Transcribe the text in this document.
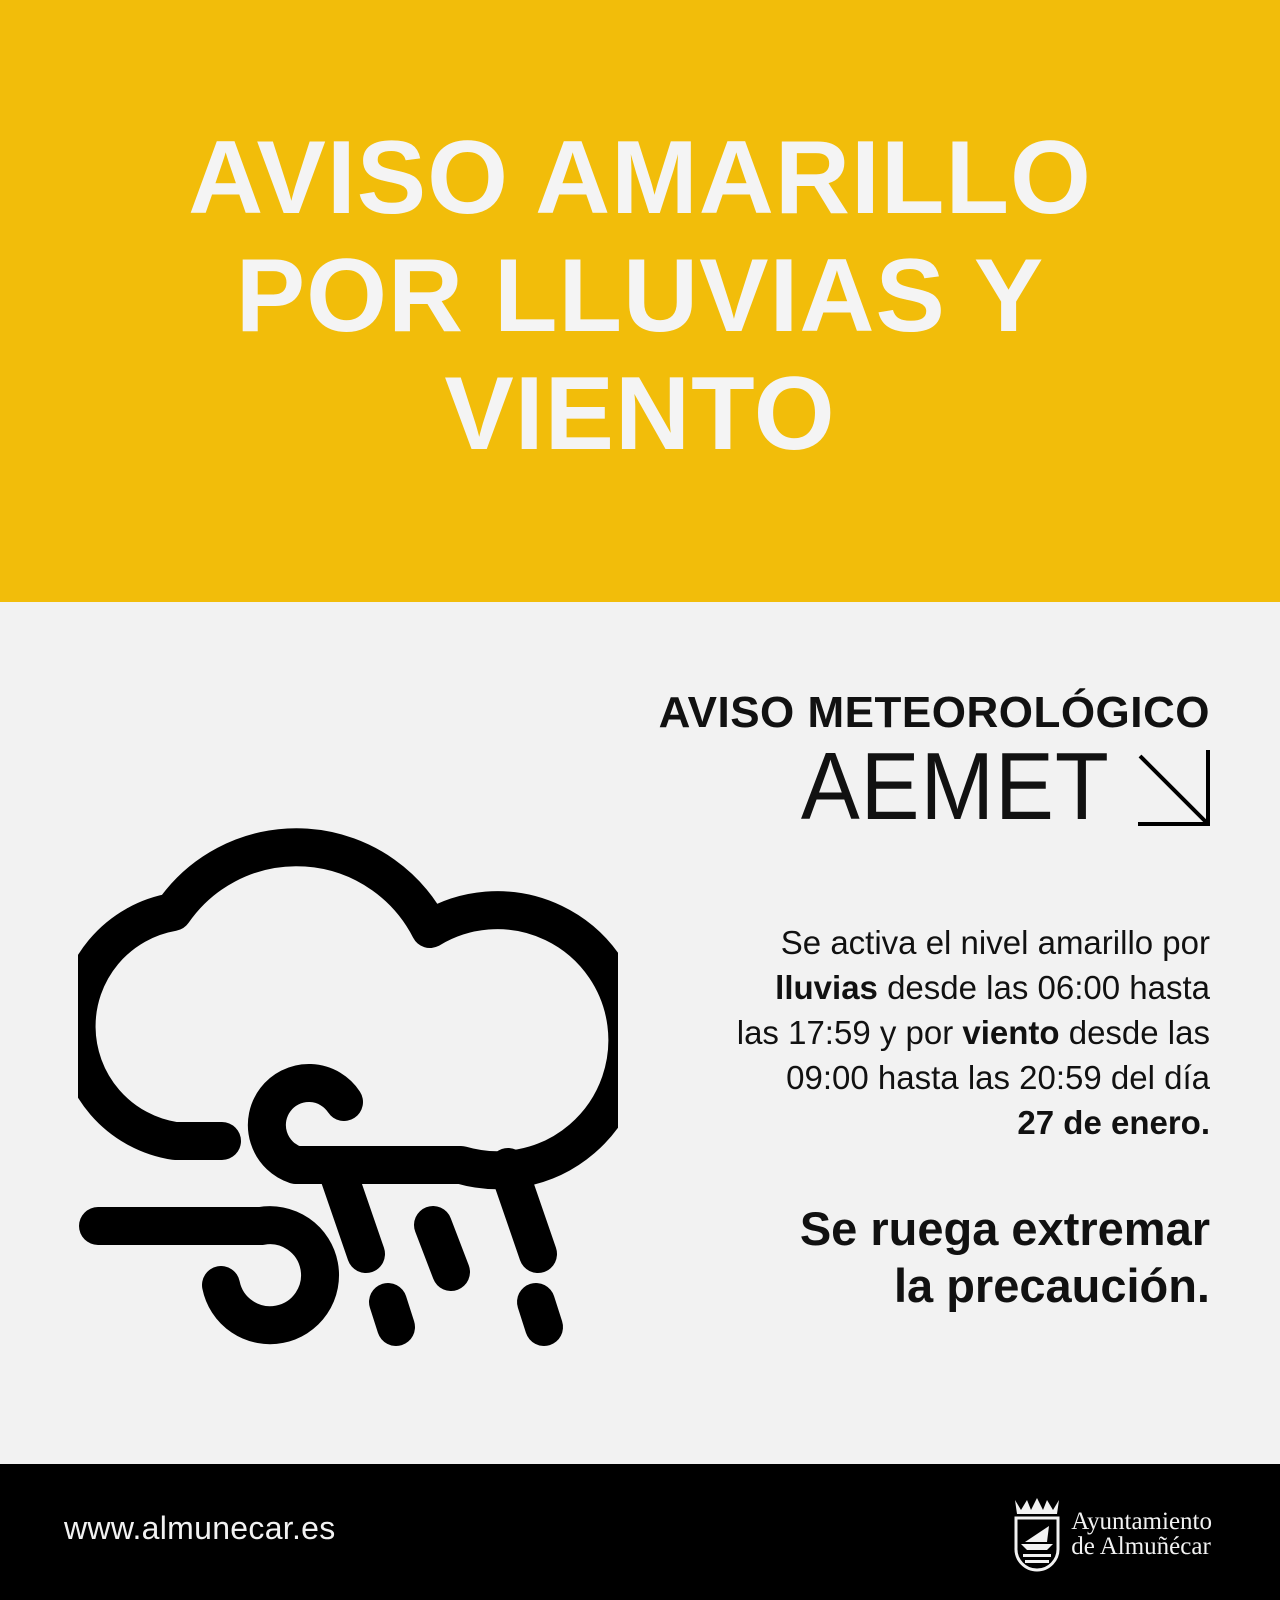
AVISO AMARILLO
POR LLUVIAS Y
VIENTO
AVISO METEOROLÓGICO
AEMET
Se activa el nivel amarillo por
lluvias desde las 06:00 hasta
las 17:59 y por viento desde las
09:00 hasta las 20:59 del día
27 de enero.
Se ruega extremar
la precaución.
www.almunecar.es	Ayuntamiento
de Almuñécar
